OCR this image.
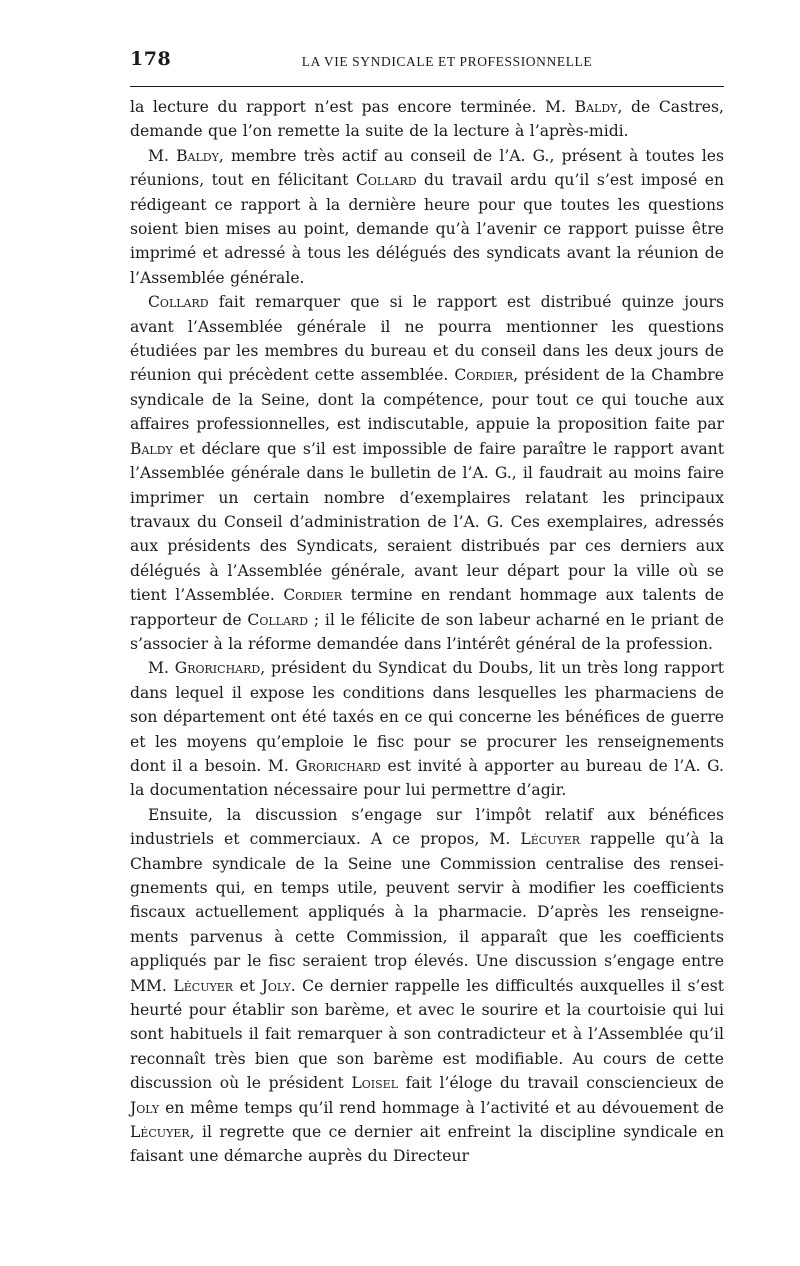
178	LA VIE SYNDICALE ET PROFESSIONNELLE

la lecture du rapport n’est pas encore terminée. M. Baldy, de Castres, demande que l’on remette la suite de la lecture à l’après-midi.

M. Baldy, membre très actif au conseil de l’A. G., présent à toutes les réunions, tout en félicitant Collard du travail ardu qu’il s’est imposé en rédigeant ce rapport à la dernière heure pour que toutes les questions soient bien mises au point, demande qu’à l’avenir ce rapport puisse être imprimé et adressé à tous les délégués des syndicats avant la réunion de l’Assemblée générale.

Collard fait remarquer que si le rapport est distribué quinze jours avant l’Assemblée générale il ne pourra mentionner les questions étudiées par les membres du bureau et du conseil dans les deux jours de réunion qui précèdent cette assemblée. Cordier, président de la Chambre syndicale de la Seine, dont la compétence, pour tout ce qui touche aux affaires professionnelles, est indiscutable, appuie la proposition faite par Baldy et déclare que s’il est impossible de faire paraître le rapport avant l’Assemblée générale dans le bulletin de l’A. G., il faudrait au moins faire imprimer un certain nombre d’exemplaires relatant les principaux travaux du Conseil d’administration de l’A. G. Ces exemplaires, adressés aux présidents des Syndicats, seraient distribués par ces derniers aux délégués à l’Assemblée générale, avant leur départ pour la ville où se tient l’Assemblée. Cordier termine en rendant hommage aux talents de rapporteur de Collard ; il le félicite de son labeur acharné en le priant de s’associer à la réforme demandée dans l’intérêt général de la profession.

M. Grorichard, président du Syndicat du Doubs, lit un très long rapport dans lequel il expose les conditions dans lesquelles les pharmaciens de son département ont été taxés en ce qui concerne les bénéfices de guerre et les moyens qu’emploie le fisc pour se procurer les renseignements dont il a besoin. M. Grorichard est invité à apporter au bureau de l’A. G. la documentation nécessaire pour lui permettre d’agir.

Ensuite, la discussion s’engage sur l’impôt relatif aux bénéfices industriels et commerciaux. A ce propos, M. Lécuyer rappelle qu’à la Chambre syndicale de la Seine une Commission centralise des renseignements qui, en temps utile, peuvent servir à modifier les coefficients fiscaux actuellement appliqués à la pharmacie. D’après les renseignements parvenus à cette Commission, il apparaît que les coefficients appliqués par le fisc seraient trop élevés. Une discussion s’engage entre MM. Lécuyer et Joly. Ce dernier rappelle les difficultés auxquelles il s’est heurté pour établir son barème, et avec le sourire et la courtoisie qui lui sont habituels il fait remarquer à son contradicteur et à l’Assemblée qu’il reconnaît très bien que son barème est modifiable. Au cours de cette discussion où le président Loisel fait l’éloge du travail consciencieux de Joly en même temps qu’il rend hommage à l’activité et au dévouement de Lécuyer, il regrette que ce dernier ait enfreint la discipline syndicale en faisant une démarche auprès du Directeur
